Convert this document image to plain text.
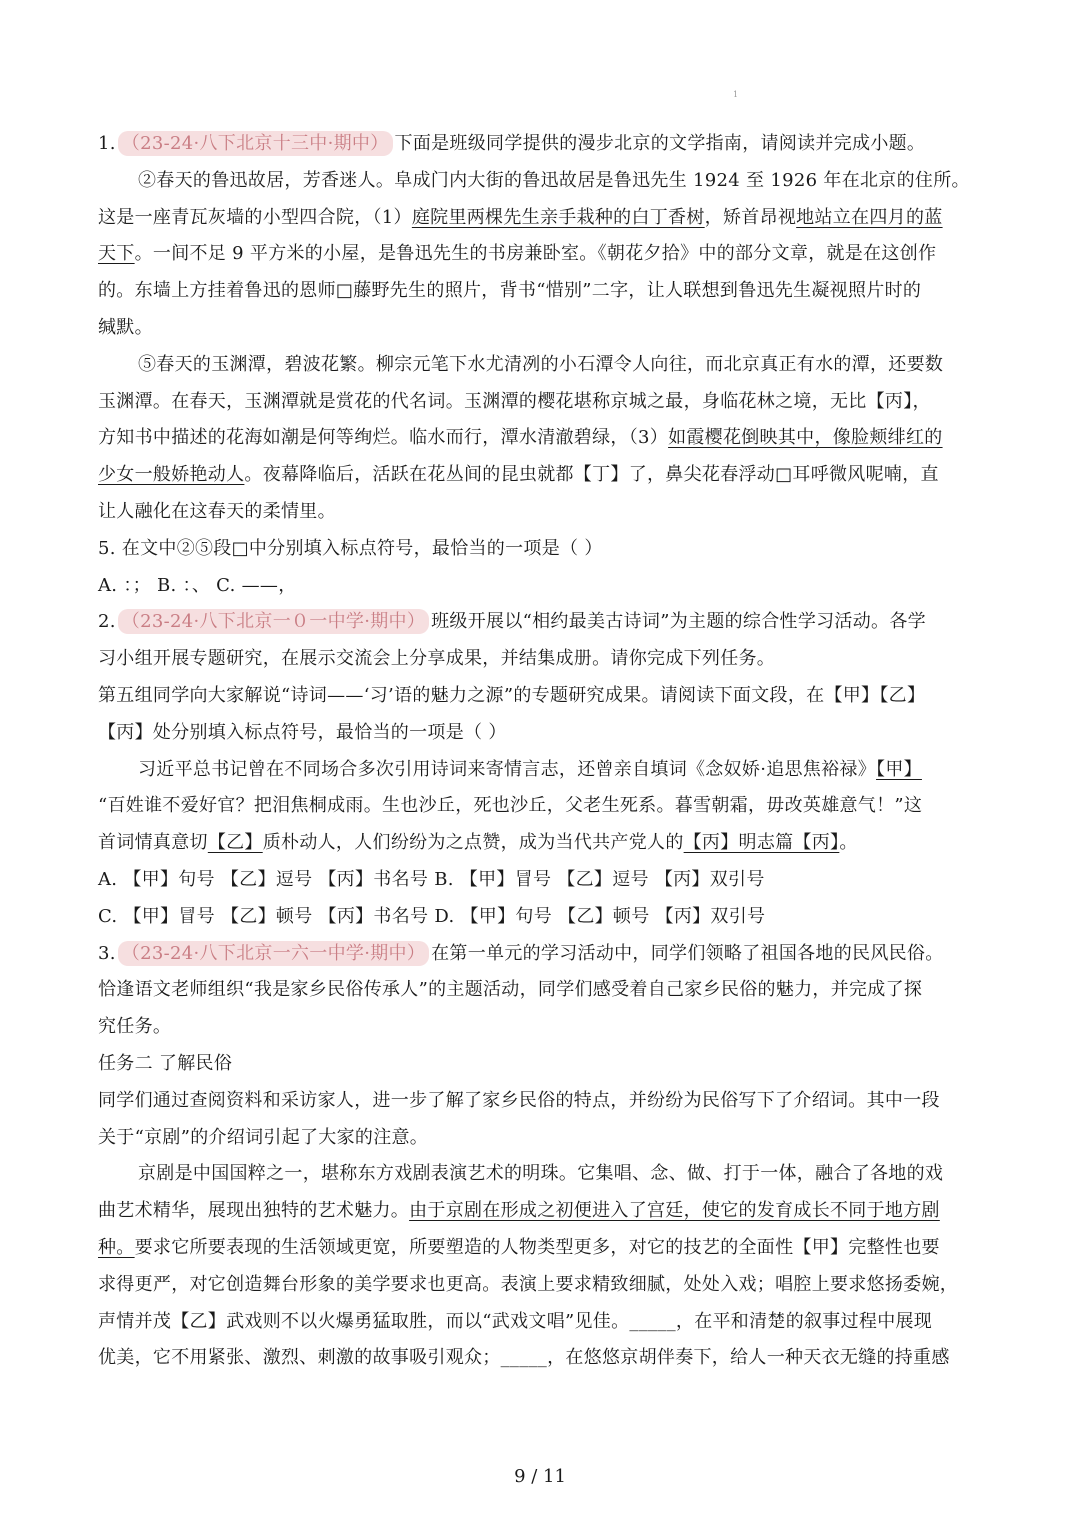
1
1. （23-24·八下北京十三中·期中） 下面是班级同学提供的漫步北京的文学指南，请阅读并完成小题。
②春天的鲁迅故居，芳香迷人。阜成门内大街的鲁迅故居是鲁迅先生 1924 至 1926 年在北京的住所。
这是一座青瓦灰墙的小型四合院，（1）庭院里两棵先生亲手栽种的白丁香树，矫首昂视地站立在四月的蓝
天下。一间不足 9 平方米的小屋，是鲁迅先生的书房兼卧室。《朝花夕拾》中的部分文章，就是在这创作
的。东墙上方挂着鲁迅的恩师□藤野先生的照片，背书“惜别”二字，让人联想到鲁迅先生凝视照片时的
缄默。
⑤春天的玉渊潭，碧波花繁。柳宗元笔下水尤清冽的小石潭令人向往，而北京真正有水的潭，还要数
玉渊潭。在春天，玉渊潭就是赏花的代名词。玉渊潭的樱花堪称京城之最，身临花林之境，无比【丙】，
方知书中描述的花海如潮是何等绚烂。临水而行，潭水清澈碧绿，（3）如霞樱花倒映其中，像脸颊绯红的
少女一般娇艳动人。夜幕降临后，活跃在花丛间的昆虫就都【丁】了，鼻尖花春浮动□耳呼微风呢喃，直
让人融化在这春天的柔情里。
5. 在文中②⑤段□中分别填入标点符号，最恰当的一项是（ ）
A. ：； B. ：、 C. ——，
2. （23-24·八下北京一０一中学·期中） 班级开展以“相约最美古诗词”为主题的综合性学习活动。各学
习小组开展专题研究，在展示交流会上分享成果，并结集成册。请你完成下列任务。
第五组同学向大家解说“诗词——‘习’语的魅力之源”的专题研究成果。请阅读下面文段，在【甲】【乙】
【丙】处分别填入标点符号，最恰当的一项是（ ）
习近平总书记曾在不同场合多次引用诗词来寄情言志，还曾亲自填词《念奴娇·追思焦裕禄》【甲】
“百姓谁不爱好官？把泪焦桐成雨。生也沙丘，死也沙丘，父老生死系。暮雪朝霜，毋改英雄意气！”这
首词情真意切【乙】质朴动人，人们纷纷为之点赞，成为当代共产党人的【丙】明志篇【丙】。
A. 【甲】句号 【乙】逗号 【丙】书名号 B. 【甲】冒号 【乙】逗号 【丙】双引号
C. 【甲】冒号 【乙】顿号 【丙】书名号 D. 【甲】句号 【乙】顿号 【丙】双引号
3. （23-24·八下北京一六一中学·期中） 在第一单元的学习活动中，同学们领略了祖国各地的民风民俗。
恰逢语文老师组织“我是家乡民俗传承人”的主题活动，同学们感受着自己家乡民俗的魅力，并完成了探
究任务。
任务二 了解民俗
同学们通过查阅资料和采访家人，进一步了解了家乡民俗的特点，并纷纷为民俗写下了介绍词。其中一段
关于“京剧”的介绍词引起了大家的注意。
京剧是中国国粹之一，堪称东方戏剧表演艺术的明珠。它集唱、念、做、打于一体，融合了各地的戏
曲艺术精华，展现出独特的艺术魅力。由于京剧在形成之初便进入了宫廷，使它的发育成长不同于地方剧
种。要求它所要表现的生活领域更宽，所要塑造的人物类型更多，对它的技艺的全面性【甲】完整性也要
求得更严，对它创造舞台形象的美学要求也更高。表演上要求精致细腻，处处入戏；唱腔上要求悠扬委婉，
声情并茂【乙】武戏则不以火爆勇猛取胜，而以“武戏文唱”见佳。_____，在平和清楚的叙事过程中展现
优美，它不用紧张、激烈、刺激的故事吸引观众；_____，在悠悠京胡伴奏下，给人一种天衣无缝的持重感
9 / 11
